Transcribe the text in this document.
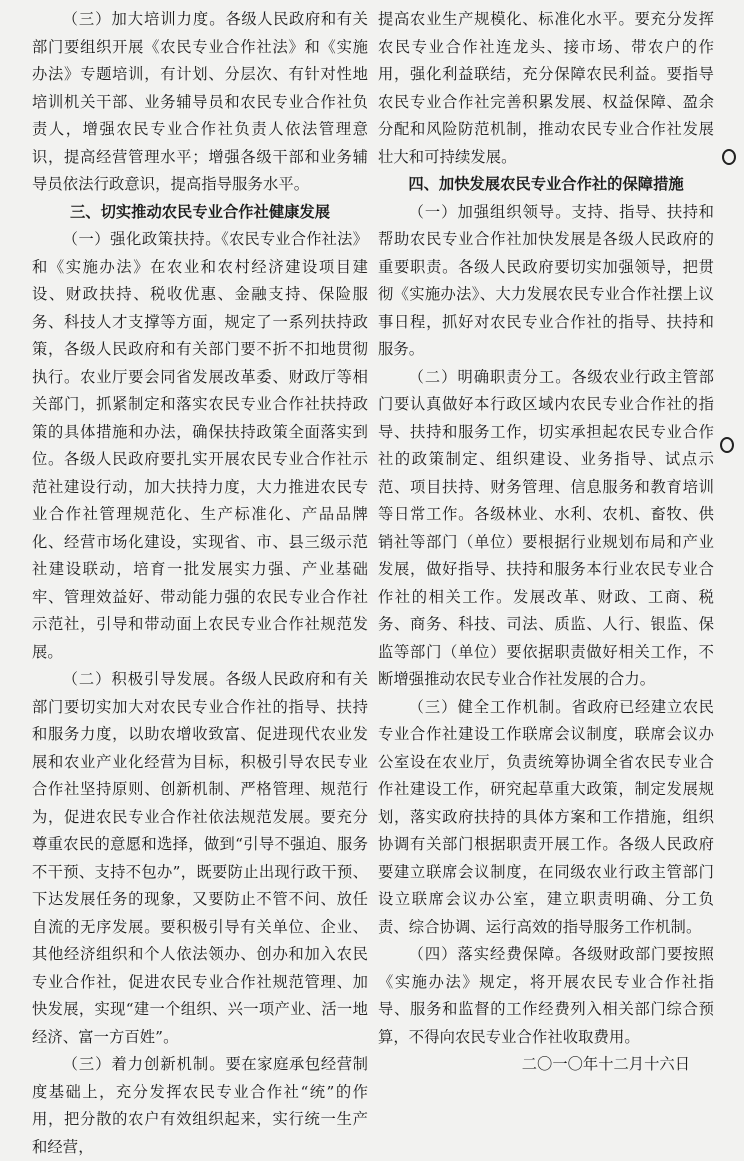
（三）加大培训力度。各级人民政府和有关部门要组织开展《农民专业合作社法》和《实施办法》专题培训，有计划、分层次、有针对性地培训机关干部、业务辅导员和农民专业合作社负责人，增强农民专业合作社负责人依法管理意识，提高经营管理水平；增强各级干部和业务辅导员依法行政意识，提高指导服务水平。

三、切实推动农民专业合作社健康发展

（一）强化政策扶持。《农民专业合作社法》和《实施办法》在农业和农村经济建设项目建设、财政扶持、税收优惠、金融支持、保险服务、科技人才支撑等方面，规定了一系列扶持政策，各级人民政府和有关部门要不折不扣地贯彻执行。农业厅要会同省发展改革委、财政厅等相关部门，抓紧制定和落实农民专业合作社扶持政策的具体措施和办法，确保扶持政策全面落实到位。各级人民政府要扎实开展农民专业合作社示范社建设行动，加大扶持力度，大力推进农民专业合作社管理规范化、生产标准化、产品品牌化、经营市场化建设，实现省、市、县三级示范社建设联动，培育一批发展实力强、产业基础牢、管理效益好、带动能力强的农民专业合作社示范社，引导和带动面上农民专业合作社规范发展。

（二）积极引导发展。各级人民政府和有关部门要切实加大对农民专业合作社的指导、扶持和服务力度，以助农增收致富、促进现代农业发展和农业产业化经营为目标，积极引导农民专业合作社坚持原则、创新机制、严格管理、规范行为，促进农民专业合作社依法规范发展。要充分尊重农民的意愿和选择，做到“引导不强迫、服务不干预、支持不包办”，既要防止出现行政干预、下达发展任务的现象，又要防止不管不问、放任自流的无序发展。要积极引导有关单位、企业、其他经济组织和个人依法领办、创办和加入农民专业合作社，促进农民专业合作社规范管理、加快发展，实现“建一个组织、兴一项产业、活一地经济、富一方百姓”。

（三）着力创新机制。要在家庭承包经营制度基础上，充分发挥农民专业合作社“统”的作用，把分散的农户有效组织起来，实行统一生产和经营，

提高农业生产规模化、标准化水平。要充分发挥农民专业合作社连龙头、接市场、带农户的作用，强化利益联结，充分保障农民利益。要指导农民专业合作社完善积累发展、权益保障、盈余分配和风险防范机制，推动农民专业合作社发展壮大和可持续发展。

四、加快发展农民专业合作社的保障措施

（一）加强组织领导。支持、指导、扶持和帮助农民专业合作社加快发展是各级人民政府的重要职责。各级人民政府要切实加强领导，把贯彻《实施办法》、大力发展农民专业合作社摆上议事日程，抓好对农民专业合作社的指导、扶持和服务。

（二）明确职责分工。各级农业行政主管部门要认真做好本行政区域内农民专业合作社的指导、扶持和服务工作，切实承担起农民专业合作社的政策制定、组织建设、业务指导、试点示范、项目扶持、财务管理、信息服务和教育培训等日常工作。各级林业、水利、农机、畜牧、供销社等部门（单位）要根据行业规划布局和产业发展，做好指导、扶持和服务本行业农民专业合作社的相关工作。发展改革、财政、工商、税务、商务、科技、司法、质监、人行、银监、保监等部门（单位）要依据职责做好相关工作，不断增强推动农民专业合作社发展的合力。

（三）健全工作机制。省政府已经建立农民专业合作社建设工作联席会议制度，联席会议办公室设在农业厅，负责统筹协调全省农民专业合作社建设工作，研究起草重大政策，制定发展规划，落实政府扶持的具体方案和工作措施，组织协调有关部门根据职责开展工作。各级人民政府要建立联席会议制度，在同级农业行政主管部门设立联席会议办公室，建立职责明确、分工负责、综合协调、运行高效的指导服务工作机制。

（四）落实经费保障。各级财政部门要按照《实施办法》规定，将开展农民专业合作社指导、服务和监督的工作经费列入相关部门综合预算，不得向农民专业合作社收取费用。

二〇一〇年十二月十六日
